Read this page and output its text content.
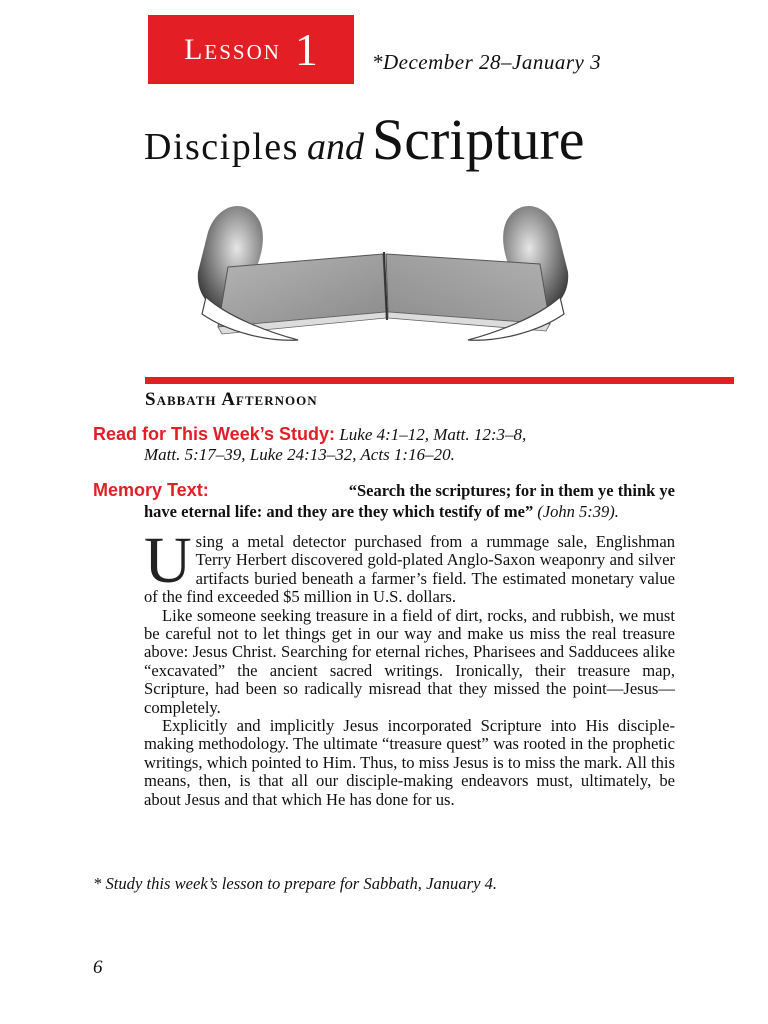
Lesson 1	*December 28–January 3
Disciples and Scripture
Sabbath Afternoon
Read for This Week’s Study: Luke 4:1–12, Matt. 12:3–8,
Matt. 5:17–39, Luke 24:13–32, Acts 1:16–20.
Memory Text:	“Search the scriptures; for in them ye think ye
have eternal life: and they are they which testify of me” (John 5:39).

Using a metal detector purchased from a rummage sale, Englishman Terry Herbert discovered gold-plated Anglo-Saxon weaponry and silver artifacts buried beneath a farmer’s field. The estimated monetary value of the find exceeded $5 million in U.S. dollars.

Like someone seeking treasure in a field of dirt, rocks, and rubbish, we must be careful not to let things get in our way and make us miss the real treasure above: Jesus Christ. Searching for eternal riches, Pharisees and Sadducees alike “excavated” the ancient sacred writings. Ironically, their treasure map, Scripture, had been so radically misread that they missed the point—Jesus—completely.

Explicitly and implicitly Jesus incorporated Scripture into His disciple-making methodology. The ultimate “treasure quest” was rooted in the prophetic writings, which pointed to Him. Thus, to miss Jesus is to miss the mark. All this means, then, is that all our disciple-making endeavors must, ultimately, be about Jesus and that which He has done for us.

* Study this week’s lesson to prepare for Sabbath, January 4.
6
